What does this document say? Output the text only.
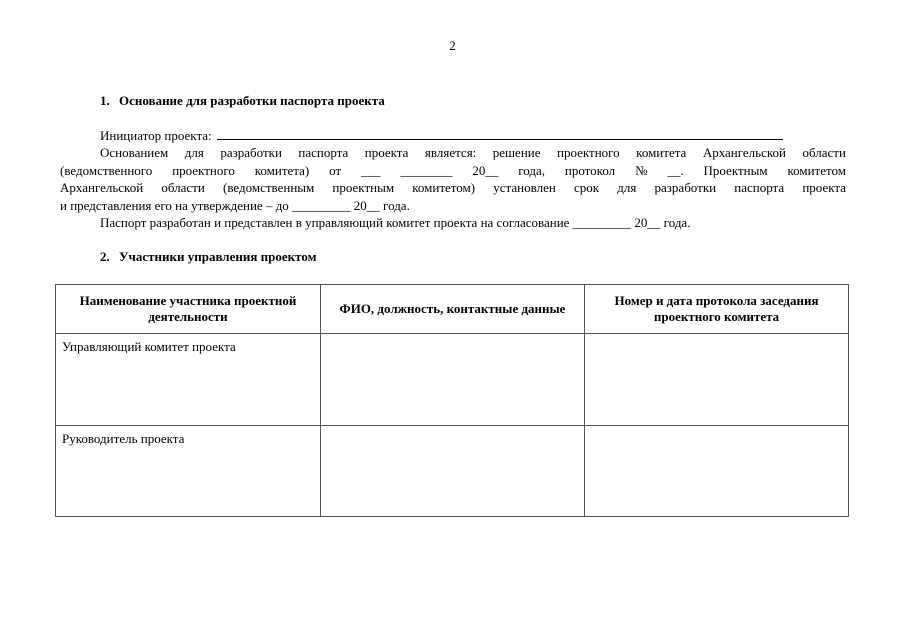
2
1. Основание для разработки паспорта проекта
Инициатор проекта:
Основанием для разработки паспорта проекта является: решение проектного комитета Архангельской области
(ведомственного проектного комитета) от ___ ________ 20__ года, протокол № __. Проектным комитетом
Архангельской области (ведомственным проектным комитетом) установлен срок для разработки паспорта проекта
и представления его на утверждение – до _________ 20__ года.
Паспорт разработан и представлен в управляющий комитет проекта на согласование _________ 20__ года.
2. Участники управления проектом
Наименование участника проектной деятельности	ФИО, должность, контактные данные	Номер и дата протокола заседания проектного комитета
Управляющий комитет проекта		
Руководитель проекта		
